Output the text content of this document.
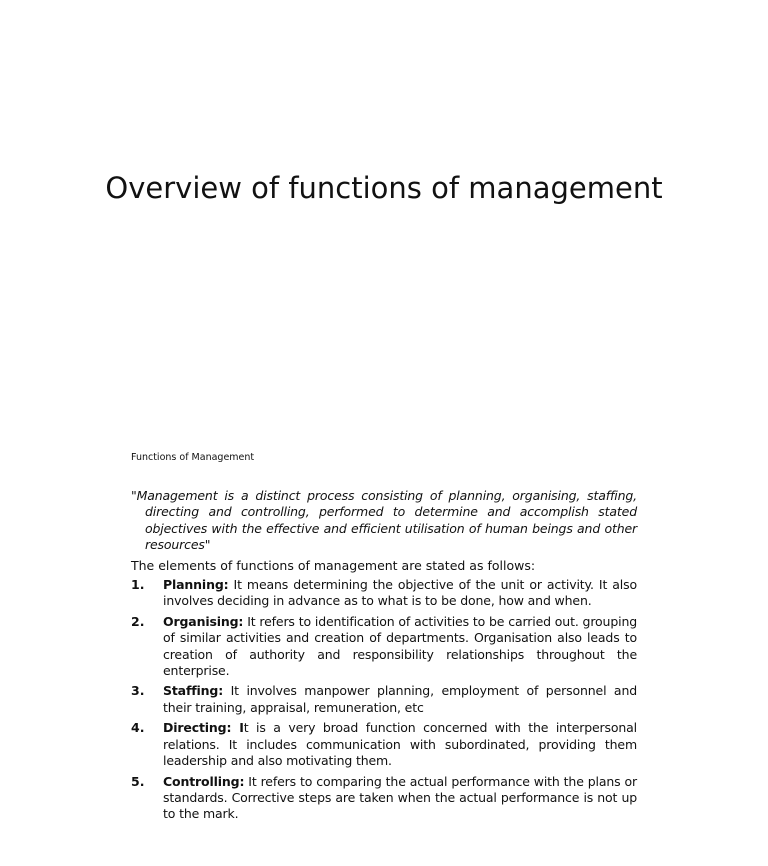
Overview of functions of management
Functions of Management

"Management is a distinct process consisting of planning, organising, staffing, directing and controlling, performed to determine and accomplish stated objectives with the effective and efficient utilisation of human beings and other resources"

The elements of functions of management are stated as follows:
1.	Planning: It means determining the objective of the unit or activity. It also involves deciding in advance as to what is to be done, how and when.
2.	Organising: It refers to identification of activities to be carried out. grouping of similar activities and creation of departments. Organisation also leads to creation of authority and responsibility relationships throughout the enterprise.
3.	Staffing: It involves manpower planning, employment of personnel and their training, appraisal, remuneration, etc
4.	Directing: It is a very broad function concerned with the interpersonal relations. It includes communication with subordinated, providing them leadership and also motivating them.
5.	Controlling: It refers to comparing the actual performance with the plans or standards. Corrective steps are taken when the actual performance is not up to the mark.
